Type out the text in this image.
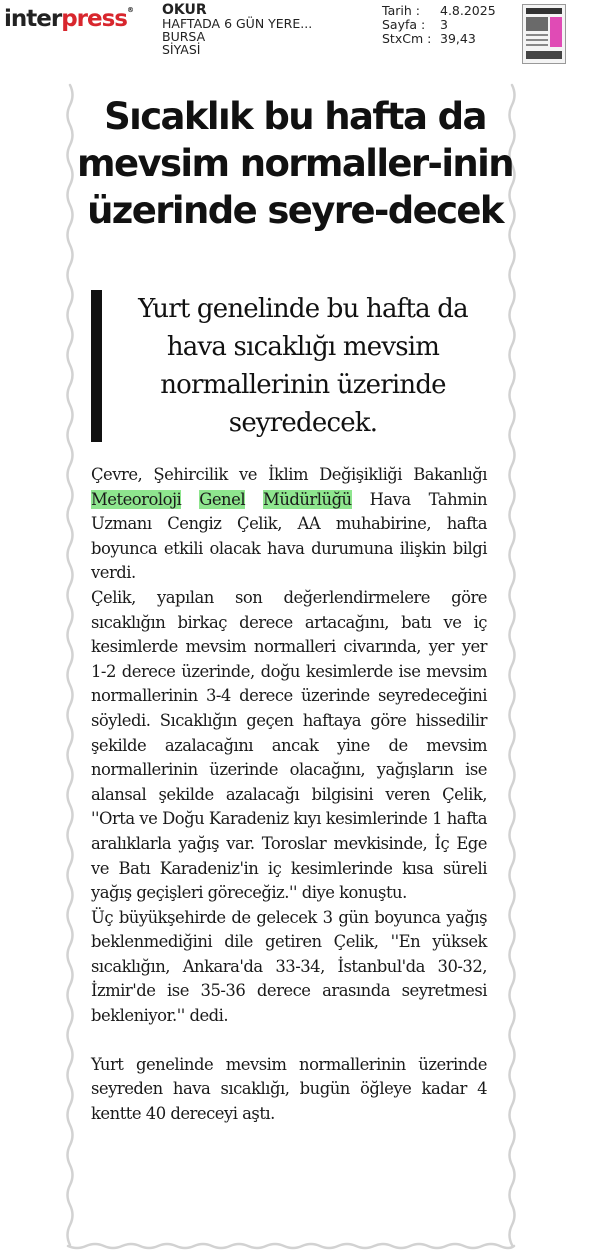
interpress® OKUR
HAFTADA 6 GÜN YERE...
BURSA
SİYASİ
Tarih :	4.8.2025
Sayfa :	3
StxCm : 39,43
Sıcaklık bu hafta da mevsim normaller-inin üzerinde seyre-decek
Yurt genelinde bu hafta da hava sıcaklığı mevsim normallerinin üzerinde seyredecek.

Çevre, Şehircilik ve İklim Değişikliği Bakanlığı Meteoroloji Genel Müdürlüğü Hava Tahmin Uzmanı Cengiz Çelik, AA muhabirine, hafta boyunca etkili olacak hava durumuna ilişkin bilgi verdi.

Çelik, yapılan son değerlendirmelere göre sıcaklığın birkaç derece artacağını, batı ve iç kesimlerde mevsim normalleri civarında, yer yer 1-2 derece üzerinde, doğu kesimlerde ise mevsim normallerinin 3-4 derece üzerinde seyredeceğini söyledi. Sıcaklığın geçen haftaya göre hissedilir şekilde azalacağını ancak yine de mevsim normallerinin üzerinde olacağını, yağışların ise alansal şekilde azalacağı bilgisini veren Çelik, ''Orta ve Doğu Karadeniz kıyı kesimlerinde 1 hafta aralıklarla yağış var. Toroslar mevkisinde, İç Ege ve Batı Karadeniz'in iç kesimlerinde kısa süreli yağış geçişleri göreceğiz.'' diye konuştu.

Üç büyükşehirde de gelecek 3 gün boyunca yağış beklenmediğini dile getiren Çelik, ''En yüksek sıcaklığın, Ankara'da 33-34, İstanbul'da 30-32, İzmir'de ise 35-36 derece arasında seyretmesi bekleniyor.'' dedi.

Yurt genelinde mevsim normallerinin üzerinde seyreden hava sıcaklığı, bugün öğleye kadar 4 kentte 40 dereceyi aştı.
